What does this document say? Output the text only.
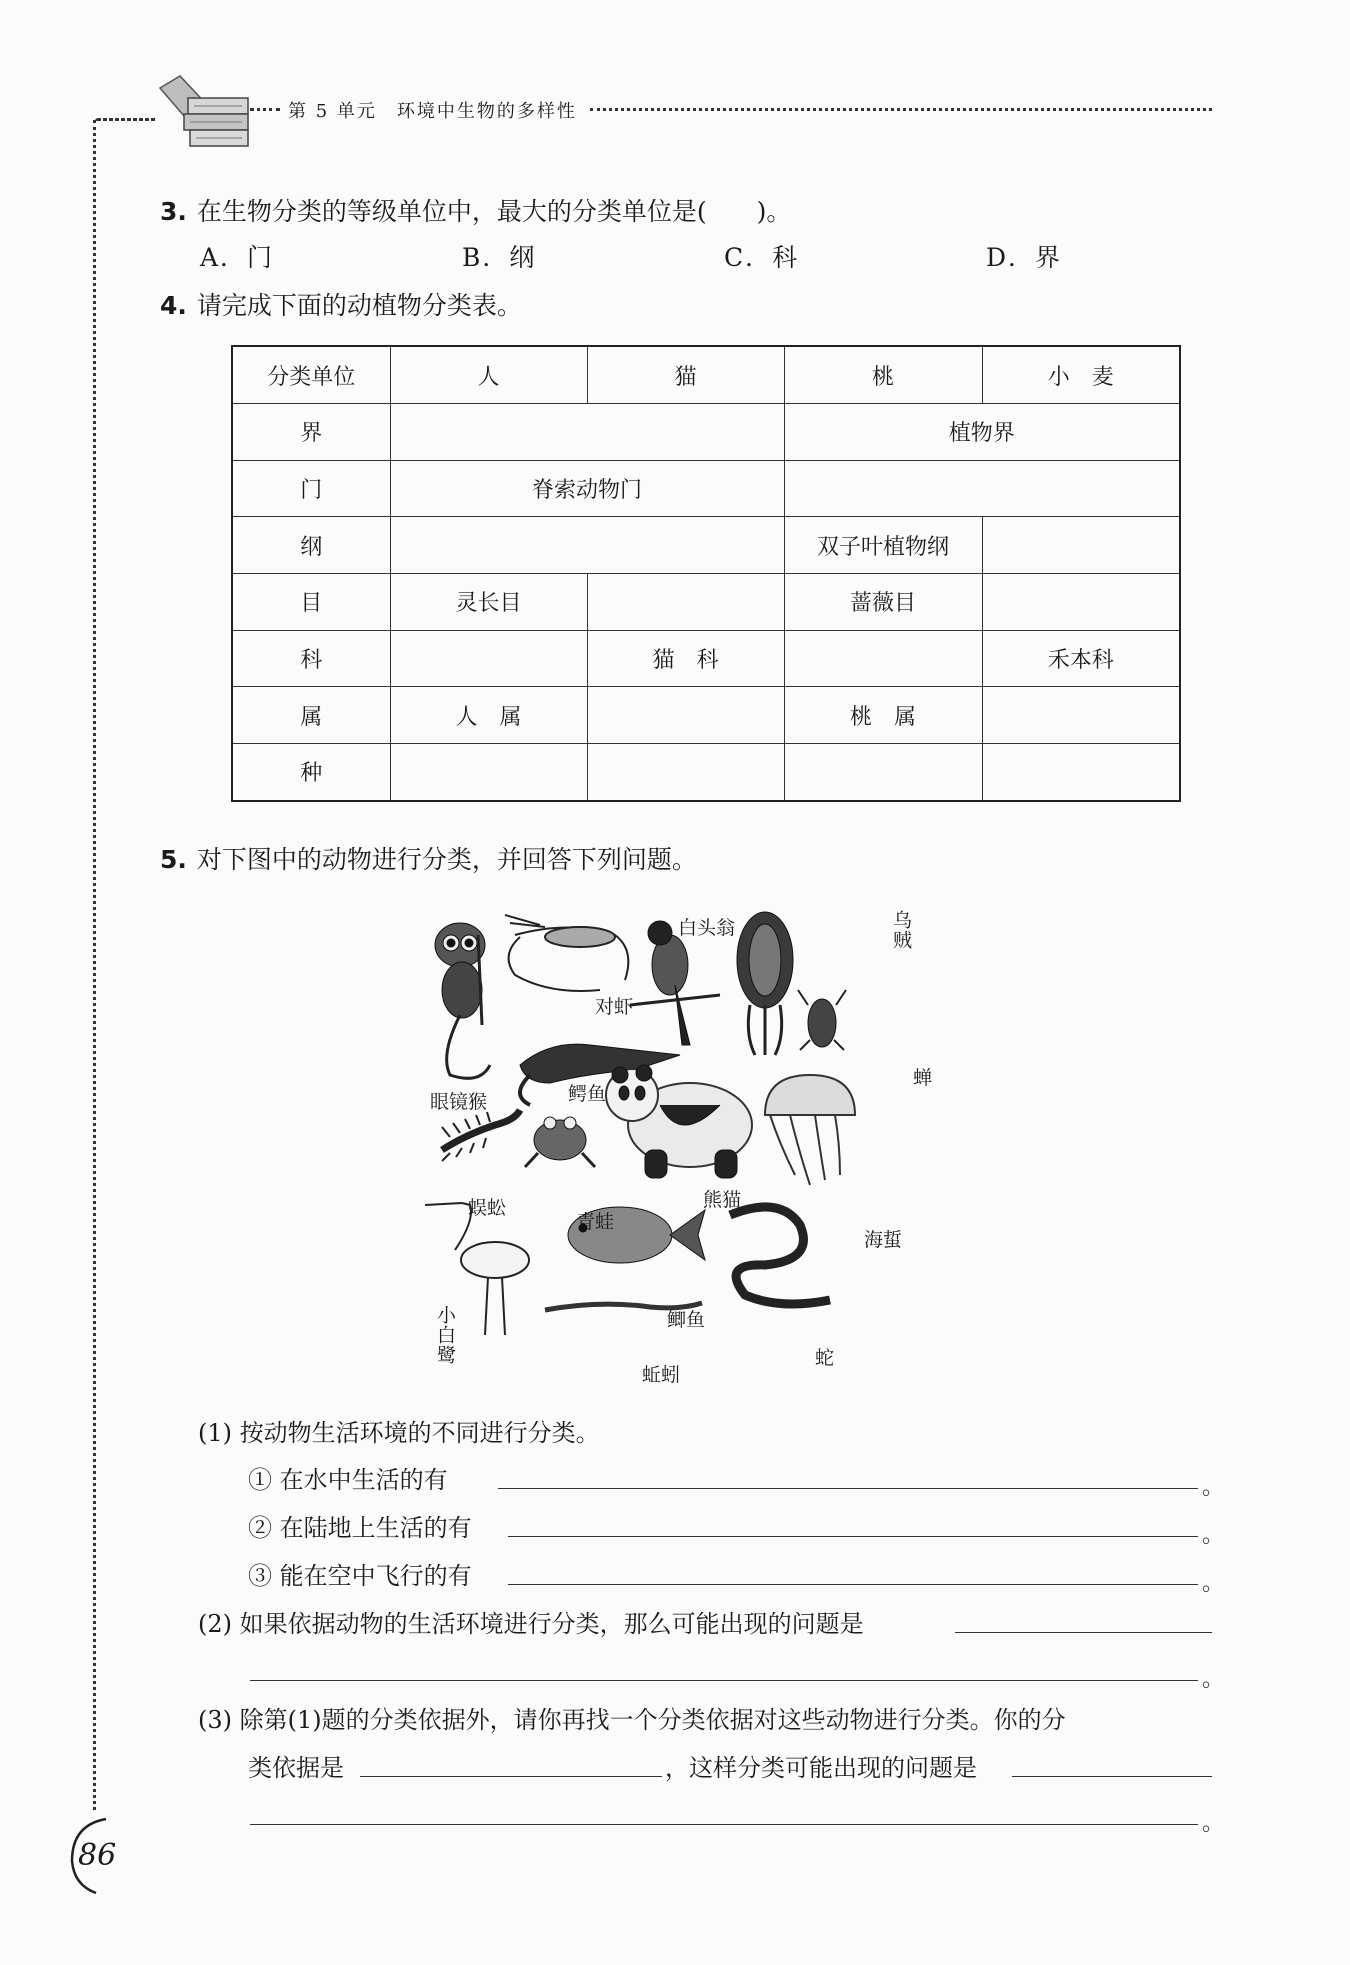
第 5 单元　环境中生物的多样性
3. 在生物分类的等级单位中，最大的分类单位是(　　)。
A．门	B．纲	C．科	D．界
4. 请完成下面的动植物分类表。
分类单位	人	猫	桃	小　麦
界			植物界	
门	脊索动物门			
纲			双子叶植物纲	
目	灵长目		蔷薇目	
科		猫　科		禾本科
属	人　属		桃　属	
种				
5. 对下图中的动物进行分类，并回答下列问题。
对虾
白头翁	乌贼
蝉
眼镜猴	鳄鱼
熊猫
蜈蚣
青蛙
海蜇
小白鹭	鲫鱼
蛇
蚯蚓
(1) 按动物生活环境的不同进行分类。
① 在水中生活的有	。
② 在陆地上生活的有	。
③ 能在空中飞行的有	。
(2) 如果依据动物的生活环境进行分类，那么可能出现的问题是
。
(3) 除第(1)题的分类依据外，请你再找一个分类依据对这些动物进行分类。你的分
类依据是	，这样分类可能出现的问题是
。
86
